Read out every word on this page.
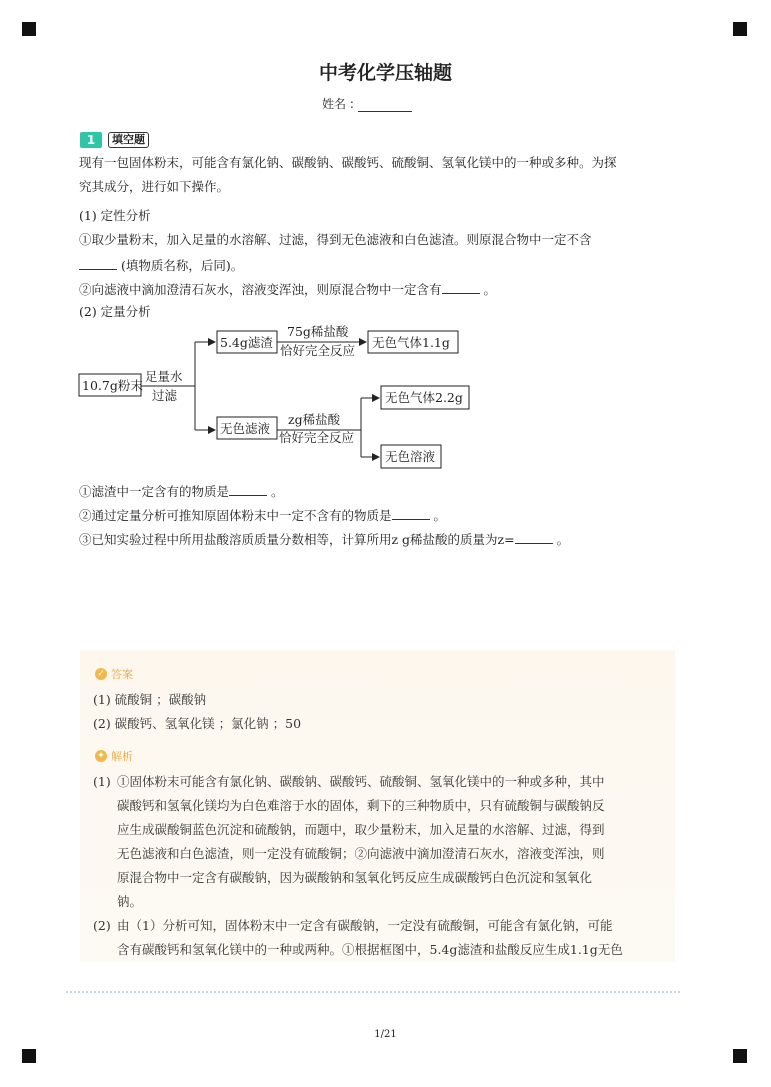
中考化学压轴题
姓名 :
1	填空题
现有一包固体粉末，可能含有氯化钠、碳酸钠、碳酸钙、硫酸铜、氢氧化镁中的一种或多种。为探
究其成分，进行如下操作。
(1) 定性分析
①取少量粉末，加入足量的水溶解、过滤，得到无色滤液和白色滤渣。则原混合物中一定不含
(填物质名称，后同)。
②向滤液中滴加澄清石灰水，溶液变浑浊，则原混合物中一定含有	。
(2) 定量分析
10.7g粉末
足量水
过滤
5.4g滤渣
75g稀盐酸
恰好完全反应
无色气体1.1g
无色滤液
zg稀盐酸
恰好完全反应
无色气体2.2g
无色溶液
①滤渣中一定含有的物质是	。
②通过定量分析可推知原固体粉末中一定不含有的物质是	。
③已知实验过程中所用盐酸溶质质量分数相等，计算所用z g稀盐酸的质量为z=	。
✓ 答案
(1) 硫酸铜 ；碳酸钠
(2) 碳酸钙、氢氧化镁 ；氯化钠 ；50
✦ 解析
(1) ①固体粉末可能含有氯化钠、碳酸钠、碳酸钙、硫酸铜、氢氧化镁中的一种或多种，其中
碳酸钙和氢氧化镁均为白色难溶于水的固体，剩下的三种物质中，只有硫酸铜与碳酸钠反
应生成碳酸铜蓝色沉淀和硫酸钠，而题中，取少量粉末，加入足量的水溶解、过滤，得到
无色滤液和白色滤渣，则一定没有硫酸铜；②向滤液中滴加澄清石灰水，溶液变浑浊，则
原混合物中一定含有碳酸钠，因为碳酸钠和氢氧化钙反应生成碳酸钙白色沉淀和氢氧化
钠。
(2) 由（1）分析可知，固体粉末中一定含有碳酸钠，一定没有硫酸铜，可能含有氯化钠，可能
含有碳酸钙和氢氧化镁中的一种或两种。①根据框图中，5.4g滤渣和盐酸反应生成1.1g无色
1/21
